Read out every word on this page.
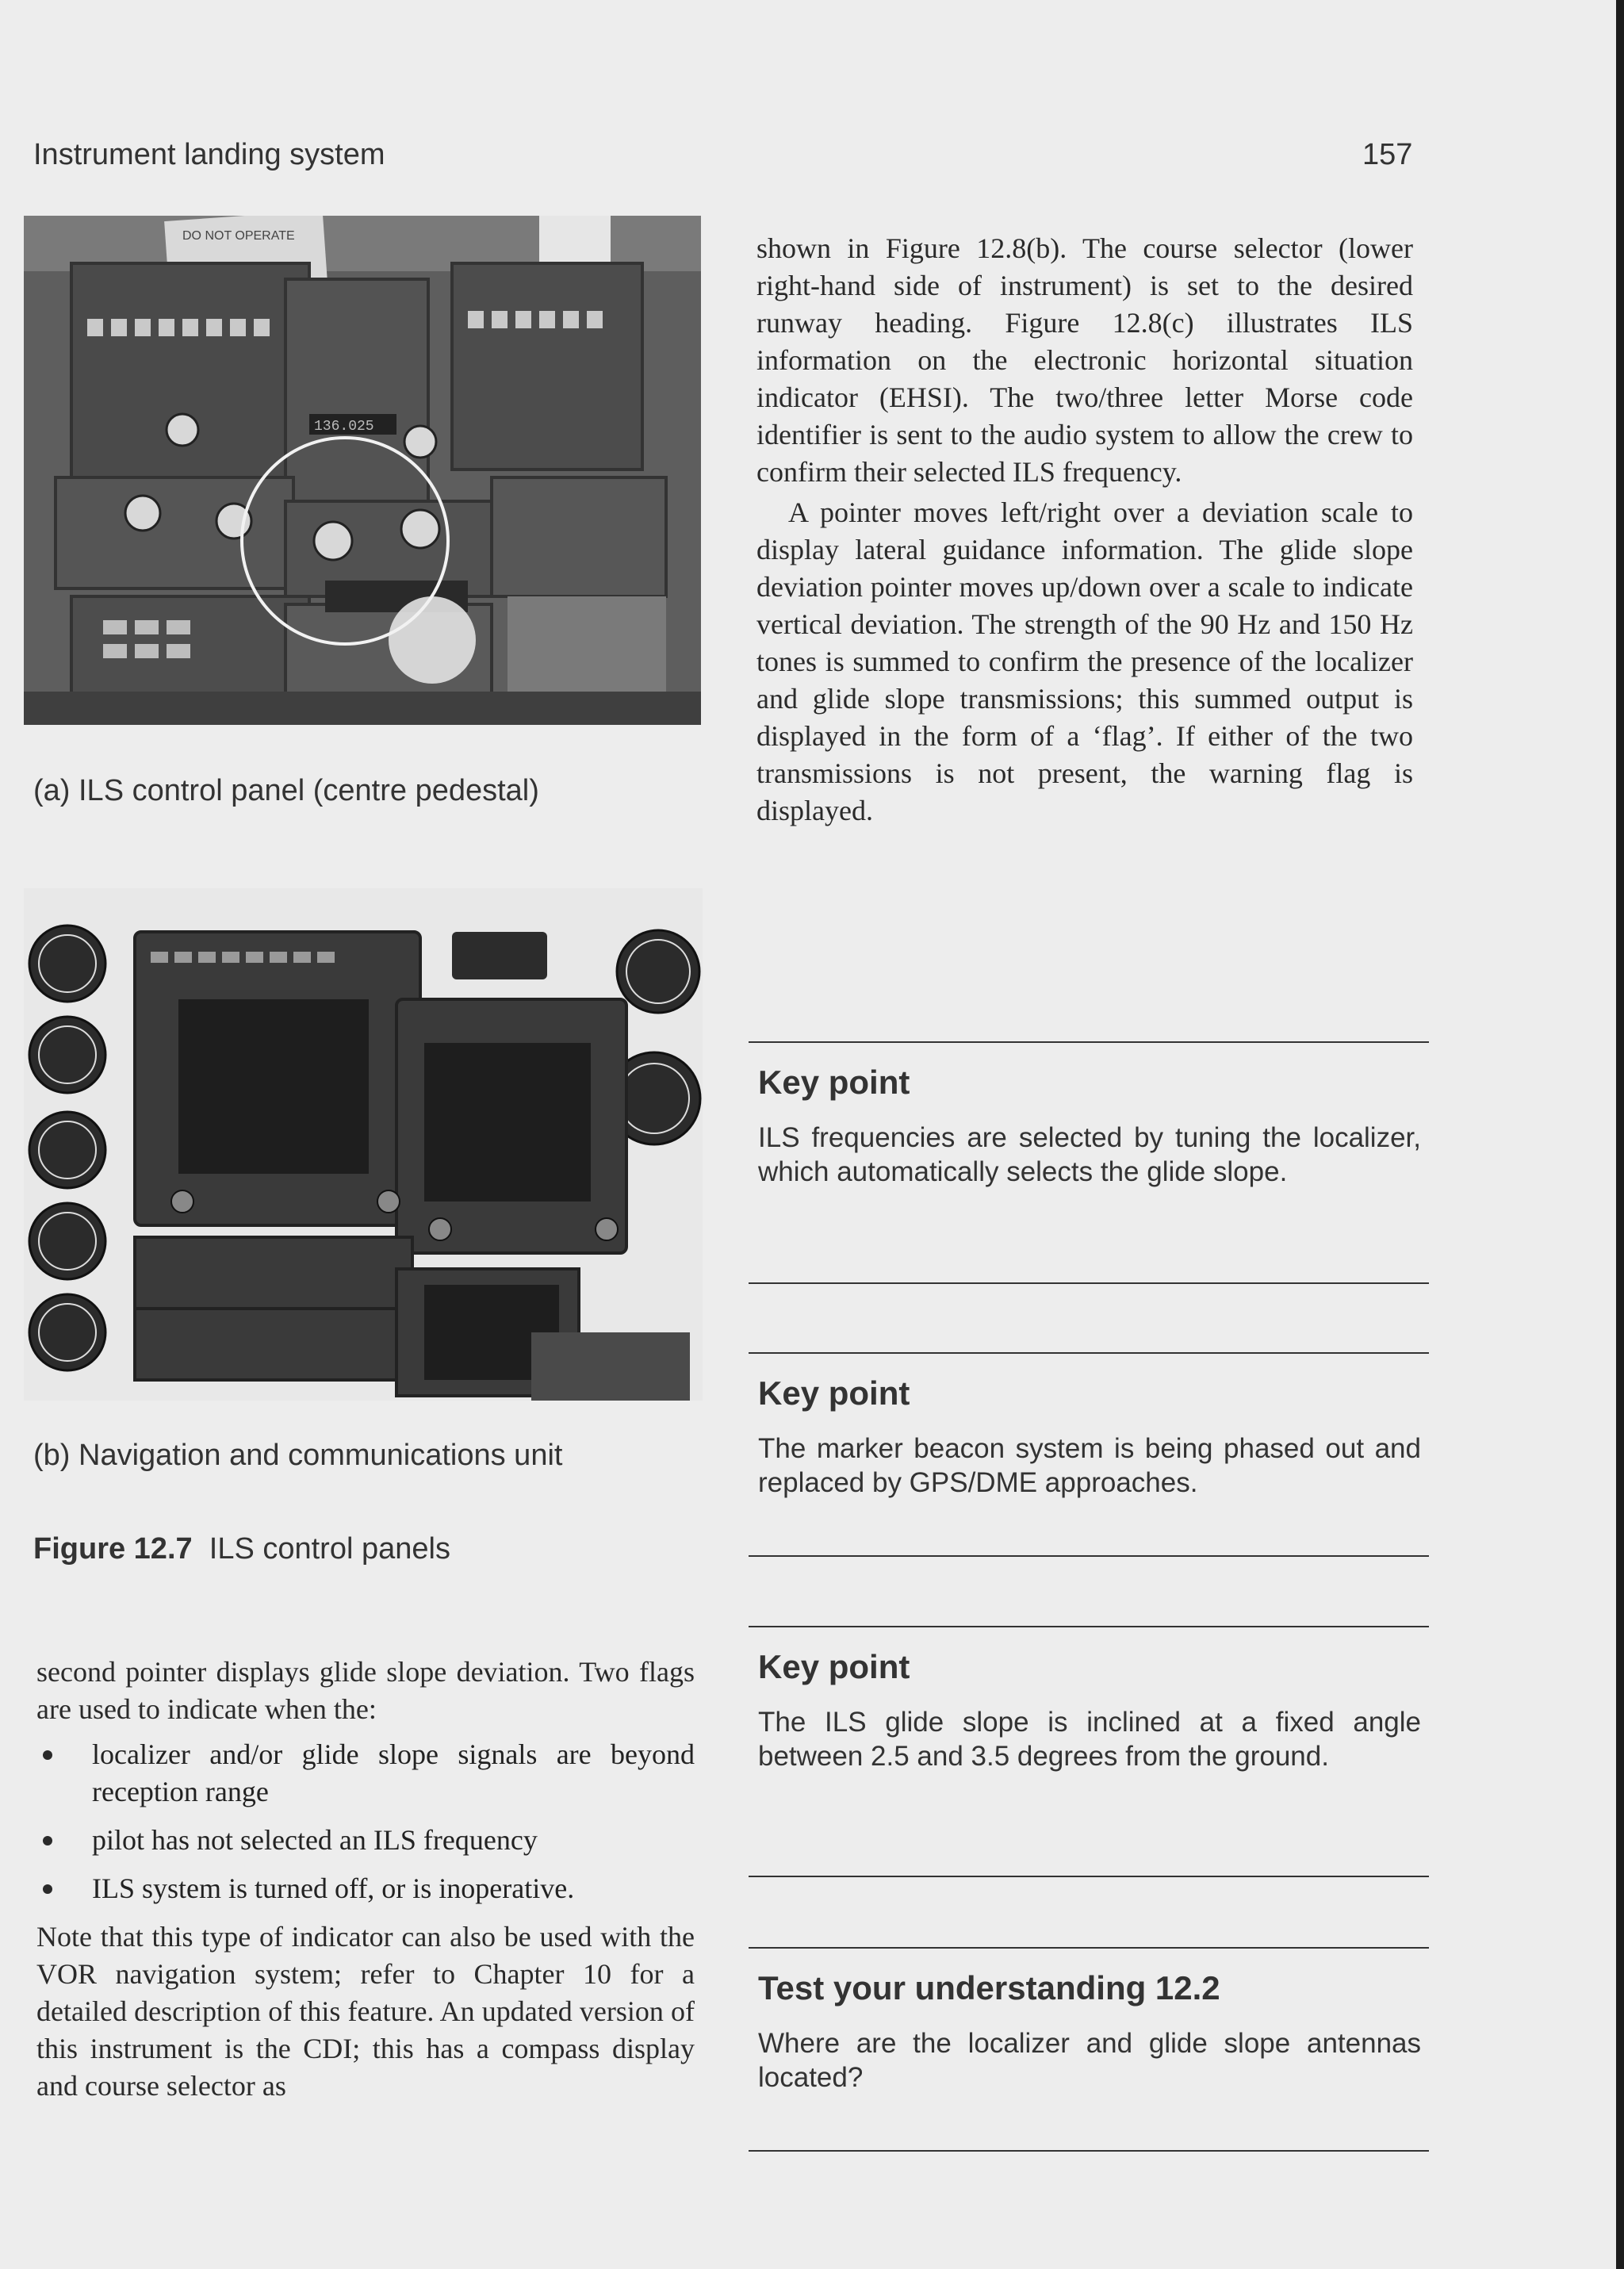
Instrument landing system	157
DO NOT OPERATE
136.025
(a) ILS control panel (centre pedestal)
(b) Navigation and communications unit
Figure 12.7 ILS control panels

shown in Figure 12.8(b). The course selector (lower right-hand side of instrument) is set to the desired runway heading. Figure 12.8(c) illustrates ILS information on the electronic horizontal situation indicator (EHSI). The two/three letter Morse code identifier is sent to the audio system to allow the crew to confirm their selected ILS frequency.

A pointer moves left/right over a deviation scale to display lateral guidance information. The glide slope deviation pointer moves up/down over a scale to indicate vertical deviation. The strength of the 90 Hz and 150 Hz tones is summed to confirm the presence of the localizer and glide slope transmissions; this summed output is displayed in the form of a ‘flag’. If either of the two transmissions is not present, the warning flag is displayed.

Key point

ILS frequencies are selected by tuning the localizer, which automatically selects the glide slope.

Key point

The marker beacon system is being phased out and replaced by GPS/DME approaches.

Key point

The ILS glide slope is inclined at a fixed angle between 2.5 and 3.5 degrees from the ground.

Test your understanding 12.2

Where are the localizer and glide slope antennas located?

second pointer displays glide slope deviation. Two flags are used to indicate when the:

localizer and/or glide slope signals are beyond reception range
pilot has not selected an ILS frequency
ILS system is turned off, or is inoperative.

Note that this type of indicator can also be used with the VOR navigation system; refer to Chapter 10 for a detailed description of this feature. An updated version of this instrument is the CDI; this has a compass display and course selector as
